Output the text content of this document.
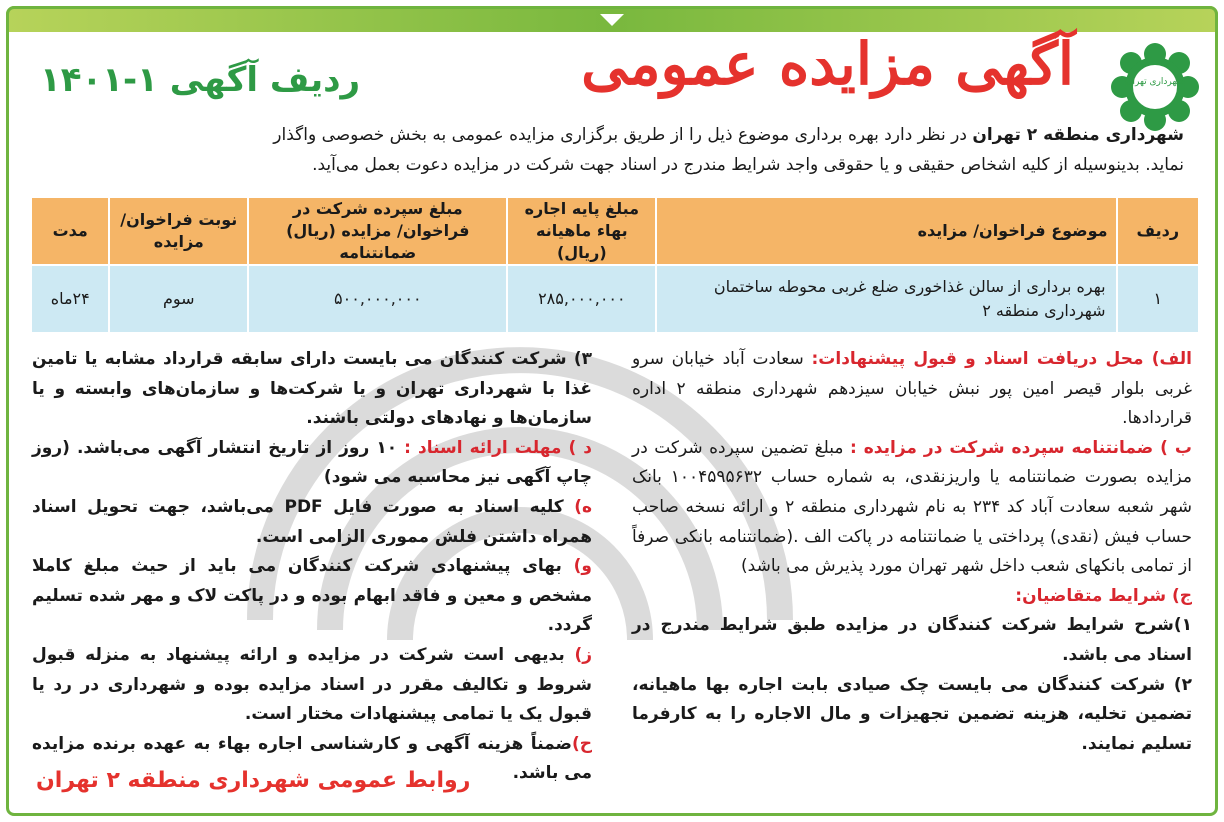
شهرداری تهران
آگهی مزایده عمومی
ردیف آگهی ۱-۱۴۰۱
شهرداری منطقه ۲ تهران در نظر دارد بهره برداری موضوع ذیل را از طریق برگزاری مزایده عمومی به بخش خصوصی واگذار
نماید. بدینوسیله از کلیه اشخاص حقیقی و یا حقوقی واجد شرایط مندرج در اسناد جهت شرکت در مزایده دعوت بعمل می‌آید.
ردیف	موضوع فراخوان/ مزایده	مبلغ پایه اجاره بهاء ماهیانه (ریال)	مبلغ سپرده شرکت در فراخوان/ مزایده (ریال) ضمانتنامه	نوبت فراخوان/مزایده	مدت
۱	بهره برداری از سالن غذاخوری ضلع غربی محوطه ساختمان شهرداری منطقه ۲	۲۸۵,۰۰۰,۰۰۰	۵۰۰,۰۰۰,۰۰۰	سوم	۲۴ماه

الف) محل دریافت اسناد و قبول پیشنهادات: سعادت آباد خیابان سرو غربی بلوار قیصر امین پور نبش خیابان سیزدهم شهرداری منطقه ۲ اداره قراردادها.

ب ) ضمانتنامه سپرده شرکت در مزایده : مبلغ تضمین سپرده شرکت در مزایده بصورت ضمانتنامه یا واریزنقدی، به شماره حساب ۱۰۰۴۵۹۵۶۳۲ بانک شهر شعبه سعادت آباد کد ۲۳۴ به نام شهرداری منطقه ۲ و ارائه نسخه صاحب حساب فیش (نقدی) پرداختی یا ضمانتنامه در پاکت الف .(ضمانتنامه بانکی صرفاً از تمامی بانکهای شعب داخل شهر تهران مورد پذیرش می باشد)

ج) شرایط متقاضیان:

۱)شرح شرایط شرکت کنندگان در مزایده طبق شرایط مندرج در اسناد می باشد.

۲) شرکت کنندگان می بایست چک صیادی بابت اجاره بها ماهیانه، تضمین تخلیه، هزینه تضمین تجهیزات و مال الاجاره را به کارفرما تسلیم نمایند.

۳) شرکت کنندگان می بایست دارای سابقه قرارداد مشابه یا تامین غذا با شهرداری تهران و یا شرکت‌ها و سازمان‌های وابسته و یا سازمان‌ها و نهادهای دولتی باشند.

د ) مهلت ارائه اسناد : ۱۰ روز از تاریخ انتشار آگهی می‌باشد. (روز چاپ آگهی نیز محاسبه می شود)

ه) کلیه اسناد به صورت فایل PDF می‌باشد، جهت تحویل اسناد همراه داشتن فلش مموری الزامی است.

و) بهای پیشنهادی شرکت کنندگان می باید از حیث مبلغ کاملا مشخص و معین و فاقد ابهام بوده و در پاکت لاک و مهر شده تسلیم گردد.

ز) بدیهی است شرکت در مزایده و ارائه پیشنهاد به منزله قبول شروط و تکالیف مقرر در اسناد مزایده بوده و شهرداری در رد یا قبول یک یا تمامی پیشنهادات مختار است.

ح)ضمناً هزینه آگهی و کارشناسی اجاره بهاء به عهده برنده مزایده می باشد.

روابط عمومی شهرداری منطقه ۲ تهران
